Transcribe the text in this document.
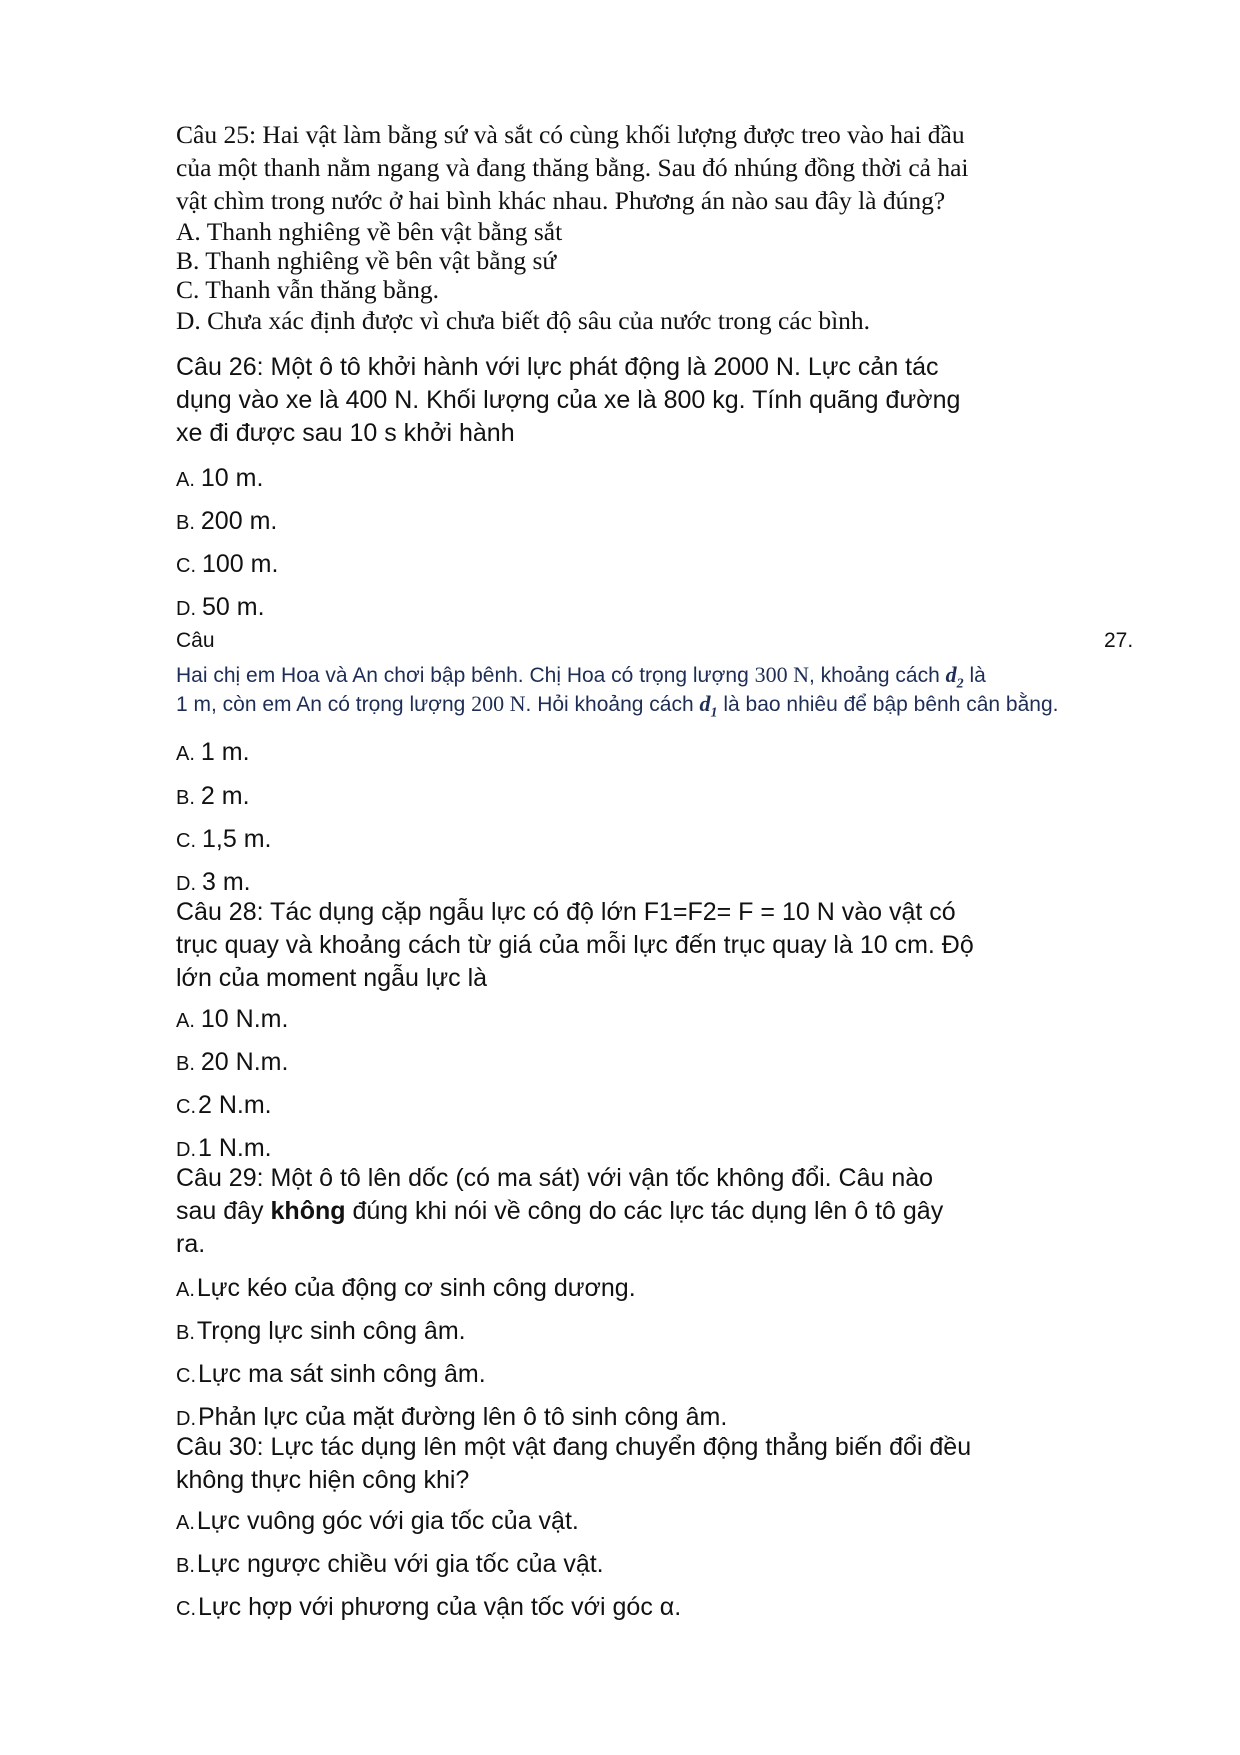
Câu 25: Hai vật làm bằng sứ và sắt có cùng khối lượng được treo vào hai đầu
của một thanh nằm ngang và đang thăng bằng. Sau đó nhúng đồng thời cả hai
vật chìm trong nước ở hai bình khác nhau. Phương án nào sau đây là đúng?
A. Thanh nghiêng về bên vật bằng sắt
B. Thanh nghiêng về bên vật bằng sứ
C. Thanh vẫn thăng bằng.
D. Chưa xác định được vì chưa biết độ sâu của nước trong các bình.
Câu 26: Một ô tô khởi hành với lực phát động là 2000 N. Lực cản tác
dụng vào xe là 400 N. Khối lượng của xe là 800 kg. Tính quãng đường
xe đi được sau 10 s khởi hành
A. 10 m.
B. 200 m.
C. 100 m.
D. 50 m.
Câu	27.
Hai chị em Hoa và An chơi bập bênh. Chị Hoa có trọng lượng 300 N, khoảng cách $d_2$ là
1 m, còn em An có trọng lượng 200 N. Hỏi khoảng cách $d_1$ là bao nhiêu để bập bênh cân bằng.
A. 1 m.
B. 2 m.
C. 1,5 m.
D. 3 m.
Câu 28: Tác dụng cặp ngẫu lực có độ lớn F1=F2= F = 10 N vào vật có
trục quay và khoảng cách từ giá của mỗi lực đến trục quay là 10 cm. Độ
lớn của moment ngẫu lực là
A. 10 N.m.
B. 20 N.m.
C.2 N.m.
D.1 N.m.
Câu 29: Một ô tô lên dốc (có ma sát) với vận tốc không đổi. Câu nào
sau đây không đúng khi nói về công do các lực tác dụng lên ô tô gây
ra.
A.Lực kéo của động cơ sinh công dương.
B.Trọng lực sinh công âm.
C.Lực ma sát sinh công âm.
D.Phản lực của mặt đường lên ô tô sinh công âm.
Câu 30: Lực tác dụng lên một vật đang chuyển động thẳng biến đổi đều
không thực hiện công khi?
A.Lực vuông góc với gia tốc của vật.
B.Lực ngược chiều với gia tốc của vật.
C.Lực hợp với phương của vận tốc với góc α.
